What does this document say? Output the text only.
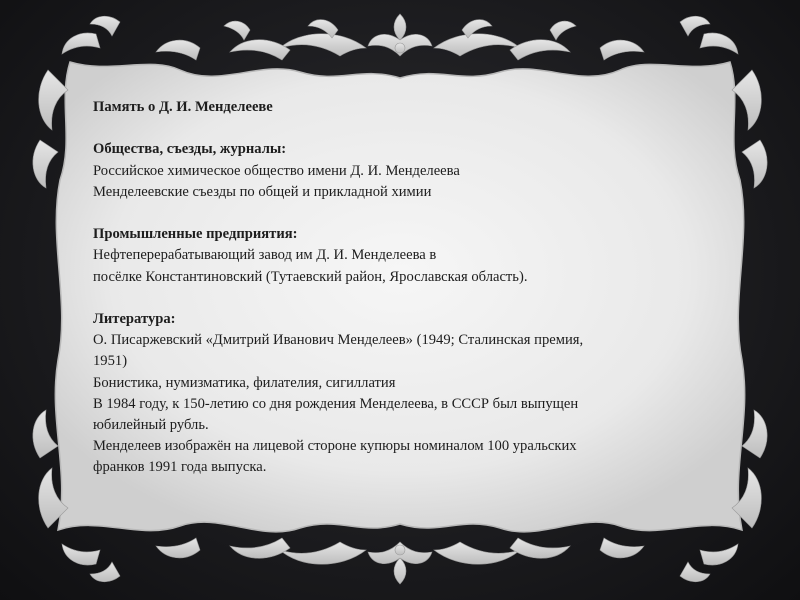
Память о Д. И. Менделееве

Общества, съезды, журналы:

Российское химическое общество имени Д. И. Менделеева

Менделеевские съезды по общей и прикладной химии

Промышленные предприятия:

Нефтеперерабатывающий завод им Д. И. Менделеева в

посёлке Константиновский (Тутаевский район, Ярославская область).

Литература:

О. Писаржевский «Дмитрий Иванович Менделеев» (1949; Сталинская премия,

1951)

Бонистика, нумизматика, филателия, сигиллатия

В 1984 году, к 150-летию со дня рождения Менделеева, в СССР был выпущен

юбилейный рубль.

Менделеев изображён на лицевой стороне купюры номиналом 100 уральских

франков 1991 года выпуска.
